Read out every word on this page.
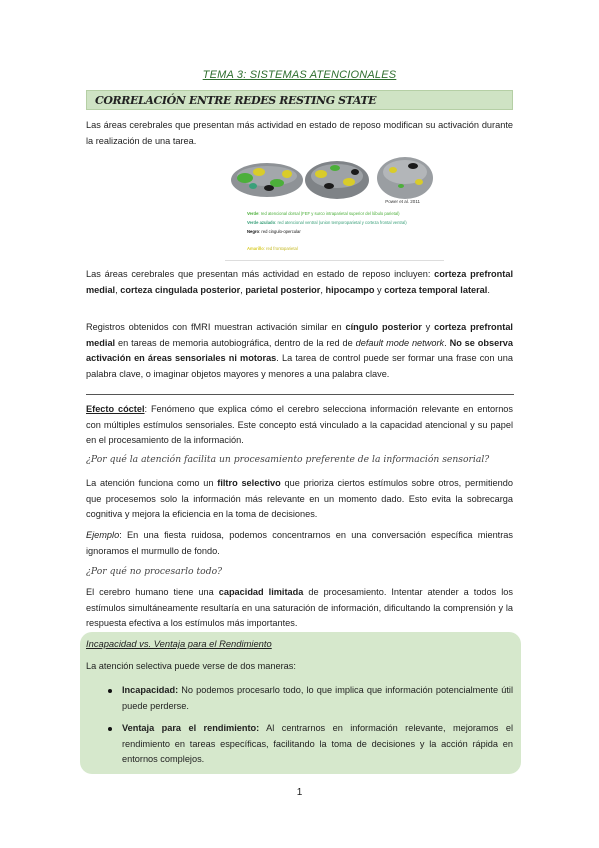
TEMA 3: SISTEMAS ATENCIONALES
CORRELACIÓN ENTRE REDES RESTING STATE

Las áreas cerebrales que presentan más actividad en estado de reposo modifican su activación durante la realización de una tarea.

Power et al. 2011
Verde: red atencional dorsal (FEF y surco intraparietal superior del lóbulo parietal)
Verde azulado: red atencional ventral (union temporoparietal y corteza frontal ventral)
Negro: red cingulo-opercular
Amarillo: red frontoparietal

Las áreas cerebrales que presentan más actividad en estado de reposo incluyen: corteza prefrontal medial, corteza cingulada posterior, parietal posterior, hipocampo y corteza temporal lateral.

Registros obtenidos con fMRI muestran activación similar en cíngulo posterior y corteza prefrontal medial en tareas de memoria autobiográfica, dentro de la red de default mode network. No se observa activación en áreas sensoriales ni motoras. La tarea de control puede ser formar una frase con una palabra clave, o imaginar objetos mayores y menores a una palabra clave.

Efecto cóctel: Fenómeno que explica cómo el cerebro selecciona información relevante en entornos con múltiples estímulos sensoriales. Este concepto está vinculado a la capacidad atencional y su papel en el procesamiento de la información.

¿Por qué la atención facilita un procesamiento preferente de la información sensorial?

La atención funciona como un filtro selectivo que prioriza ciertos estímulos sobre otros, permitiendo que procesemos solo la información más relevante en un momento dado. Esto evita la sobrecarga cognitiva y mejora la eficiencia en la toma de decisiones.

Ejemplo: En una fiesta ruidosa, podemos concentrarnos en una conversación específica mientras ignoramos el murmullo de fondo.

¿Por qué no procesarlo todo?

El cerebro humano tiene una capacidad limitada de procesamiento. Intentar atender a todos los estímulos simultáneamente resultaría en una saturación de información, dificultando la comprensión y la respuesta efectiva a los estímulos más importantes.

Incapacidad vs. Ventaja para el Rendimiento

La atención selectiva puede verse de dos maneras:

Incapacidad: No podemos procesarlo todo, lo que implica que información potencialmente útil puede perderse.

Ventaja para el rendimiento: Al centrarnos en información relevante, mejoramos el rendimiento en tareas específicas, facilitando la toma de decisiones y la acción rápida en entornos complejos.

1
